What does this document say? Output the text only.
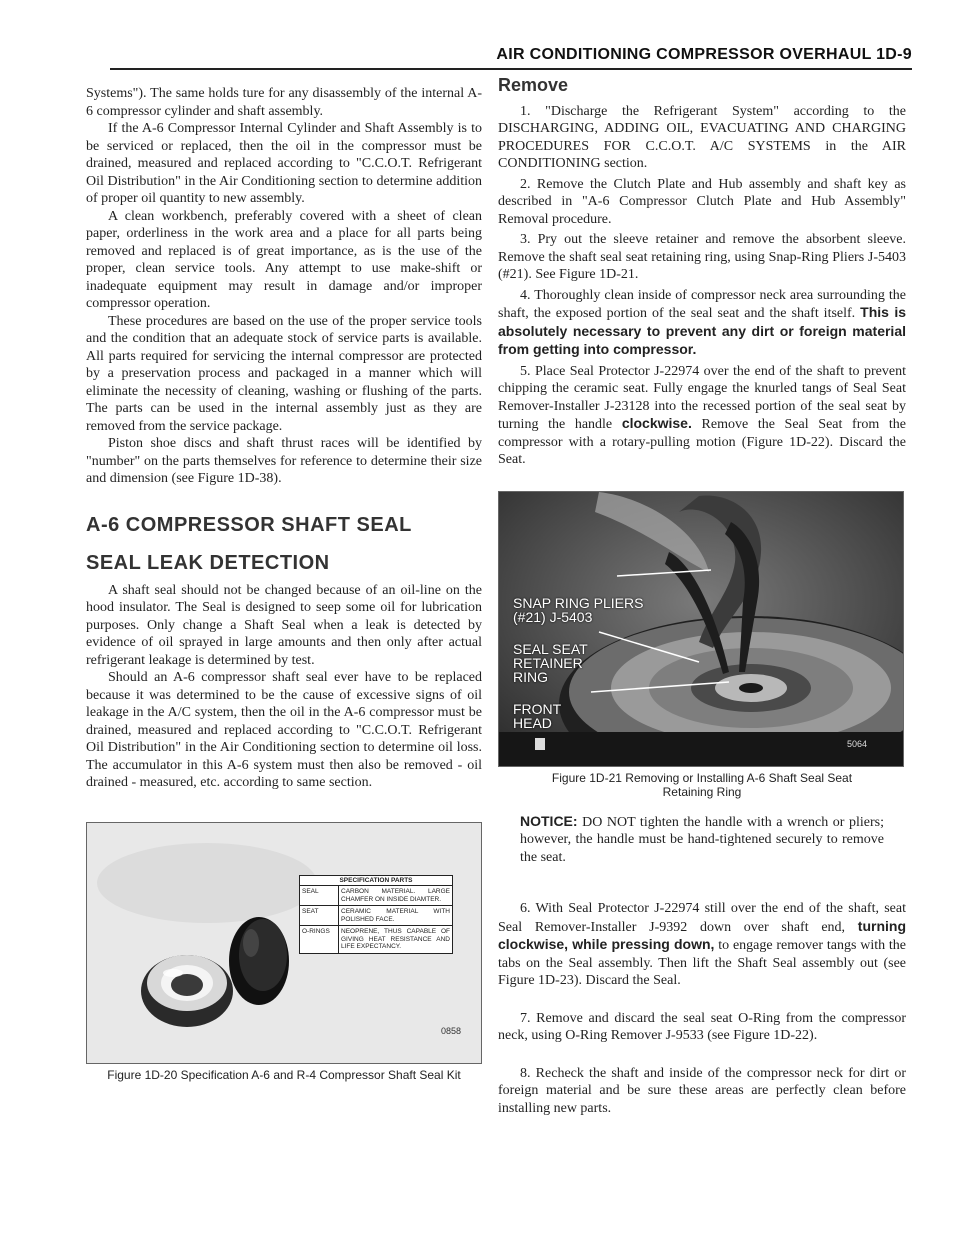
AIR CONDITIONING COMPRESSOR OVERHAUL 1D-9

Systems"). The same holds ture for any disassembly of the internal A-6 compressor cylinder and shaft assembly.

If the A-6 Compressor Internal Cylinder and Shaft Assembly is to be serviced or replaced, then the oil in the compressor must be drained, measured and replaced according to "C.C.O.T. Refrigerant Oil Distribution" in the Air Conditioning section to determine addition of proper oil quantity to new assembly.

A clean workbench, preferably covered with a sheet of clean paper, orderliness in the work area and a place for all parts being removed and replaced is of great importance, as is the use of the proper, clean service tools. Any attempt to use make-shift or inadequate equipment may result in damage and/or improper compressor operation.

These procedures are based on the use of the proper service tools and the condition that an adequate stock of service parts is available. All parts required for servicing the internal compressor are protected by a preservation process and packaged in a manner which will eliminate the necessity of cleaning, washing or flushing of the parts. The parts can be used in the internal assembly just as they are removed from the service package.

Piston shoe discs and shaft thrust races will be identified by "number" on the parts themselves for reference to determine their size and dimension (see Figure 1D-38).

A-6 COMPRESSOR SHAFT SEAL
SEAL LEAK DETECTION

A shaft seal should not be changed because of an oil-line on the hood insulator. The Seal is designed to seep some oil for lubrication purposes. Only change a Shaft Seal when a leak is detected by evidence of oil sprayed in large amounts and then only after actual refrigerant leakage is determined by test.

Should an A-6 compressor shaft seal ever have to be replaced because it was determined to be the cause of excessive signs of oil leakage in the A/C system, then the oil in the A-6 compressor must be drained, measured and replaced according to "C.C.O.T. Refrigerant Oil Distribution" in the Air Conditioning section to determine oil loss. The accumulator in this A-6 system must then also be removed - oil drained - measured, etc. according to same section.

SPECIFICATION PARTS
SEAL	CARBON MATERIAL. LARGE CHAMFER ON INSIDE DIAMTER.
SEAT	CERAMIC MATERIAL WITH POLISHED FACE.
O-RINGS	NEOPRENE, THUS CAPABLE OF GIVING HEAT RESISTANCE AND LIFE EXPECTANCY.
0858
Figure 1D-20 Specification A-6 and R-4 Compressor Shaft Seal Kit
Remove

1. "Discharge the Refrigerant System" according to the DISCHARGING, ADDING OIL, EVACUATING AND CHARGING PROCEDURES FOR C.C.O.T. A/C SYSTEMS in the AIR CONDITIONING section.

2. Remove the Clutch Plate and Hub assembly and shaft key as described in "A-6 Compressor Clutch Plate and Hub Assembly" Removal procedure.

3. Pry out the sleeve retainer and remove the absorbent sleeve. Remove the shaft seal seat retaining ring, using Snap-Ring Pliers J-5403 (#21). See Figure 1D-21.

4. Thoroughly clean inside of compressor neck area surrounding the shaft, the exposed portion of the seal seat and the shaft itself. This is absolutely necessary to prevent any dirt or foreign material from getting into compressor.

5. Place Seal Protector J-22974 over the end of the shaft to prevent chipping the ceramic seat. Fully engage the knurled tangs of Seal Seat Remover-Installer J-23128 into the recessed portion of the seal seat by turning the handle clockwise. Remove the Seal Seat from the compressor with a rotary-pulling motion (Figure 1D-22). Discard the Seat.

SNAP RING PLIERS
(#21) J-5403
SEAL SEAT
RETAINER
RING
FRONT
HEAD
5064
Figure 1D-21 Removing or Installing A-6 Shaft Seal Seat
Retaining Ring

NOTICE: DO NOT tighten the handle with a wrench or pliers; however, the handle must be hand-tightened securely to remove the seat.

6. With Seal Protector J-22974 still over the end of the shaft, seat Seal Remover-Installer J-9392 down over shaft end, turning clockwise, while pressing down, to engage remover tangs with the tabs on the Seal assembly. Then lift the Shaft Seal assembly out (see Figure 1D-23). Discard the Seal.

7. Remove and discard the seal seat O-Ring from the compressor neck, using O-Ring Remover J-9533 (see Figure 1D-22).

8. Recheck the shaft and inside of the compressor neck for dirt or foreign material and be sure these areas are perfectly clean before installing new parts.
